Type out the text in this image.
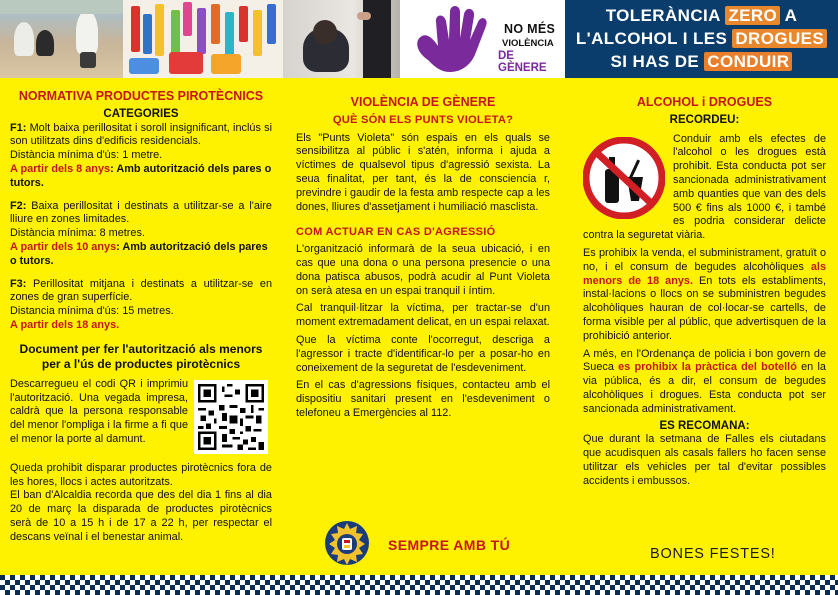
NO MÉS
VIOLÈNCIA
DE GÈNERE
TOLERÀNCIA ZERO A
L'ALCOHOL I LES DROGUES
SI HAS DE CONDUIR
NORMATIVA PRODUCTES PIROTÈCNICS
CATEGORIES

F1: Molt baixa perillositat i soroll insignificant, inclús si son utilitzats dins d'edificis residencials.

Distància mínima d'ús: 1 metre.

A partir dels 8 anys: Amb autorització dels pares o tutors.

F2: Baixa perillositat i destinats a utilitzar-se a l'aire lliure en zones limitades.

Distància mínima: 8 metres.

A partir dels 10 anys: Amb autorització dels pares o tutors.

F3: Perillositat mitjana i destinats a utilitzar-se en zones de gran superfície.

Distancia mínima d'ús: 15 metres.

A partir dels 18 anys.

Document per fer l'autorització als menors per a l'ús de productes pirotècnics

Descarregueu el codi QR i imprimiu l'autorització. Una vegada impresa, caldrà que la persona responsable del menor l'ompliga i la firme a fi que el menor la porte al damunt.

Queda prohibit disparar productes pirotècnics fora de les hores, llocs i actes autoritzats.

El ban d'Alcaldia recorda que des del dia 1 fins al dia 20 de març la disparada de productes pirotècnics serà de 10 a 15 h i de 17 a 22 h, per respectar el descans veïnal i el benestar animal.

VIOLÈNCIA DE GÈNERE
QUÈ SÓN ELS PUNTS VIOLETA?

Els "Punts Violeta" són espais en els quals se sensibilitza al públic i s'atén, informa i ajuda a víctimes de qualsevol tipus d'agressió sexista. La seua finalitat, per tant, és la de consciencia r, previndre i gaudir de la festa amb respecte cap a les dones, lliures d'assetjament i humiliació masclista.

COM ACTUAR EN CAS D'AGRESSIÓ

L'organització informarà de la seua ubicació, i en cas que una dona o una persona presencie o una dona patisca abusos, podrà acudir al Punt Violeta on serà atesa en un espai tranquil i íntim.

Cal tranquil·litzar la víctima, per tractar-se d'un moment extremadament delicat, en un espai relaxat.

Que la víctima conte l'ocorregut, descriga a l'agressor i tracte d'identificar-lo per a posar-ho en coneixement de la seguretat de l'esdeveniment.

En el cas d'agressions físiques, contacteu amb el dispositiu sanitari present en l'esdeveniment o telefoneu a Emergències al 112.

SEMPRE AMB TÚ
ALCOHOL i DROGUES
RECORDEU:

Conduir amb els efectes de l'alcohol o les drogues està prohibit. Esta conducta pot ser sancionada administrativament amb quanties que van des dels 500 € fins als 1000 €, i també es podria considerar delicte contra la seguretat viària.

Es prohibix la venda, el subministrament, gratuït o no, i el consum de begudes alcohòliques als menors de 18 anys. En tots els establiments, instal·lacions o llocs on se subministren begudes alcohòliques hauran de col·locar-se cartells, de forma visible per al públic, que advertisquen de la prohibició anterior.

A més, en l'Ordenança de policia i bon govern de Sueca es prohibix la pràctica del botelló en la via pública, és a dir, el consum de begudes alcohòliques i drogues. Esta conducta pot ser sancionada administrativament.

ES RECOMANA:

Que durant la setmana de Falles els ciutadans que acudisquen als casals fallers ho facen sense utilitzar els vehicles per tal d'evitar possibles accidents i embussos.

BONES FESTES!
